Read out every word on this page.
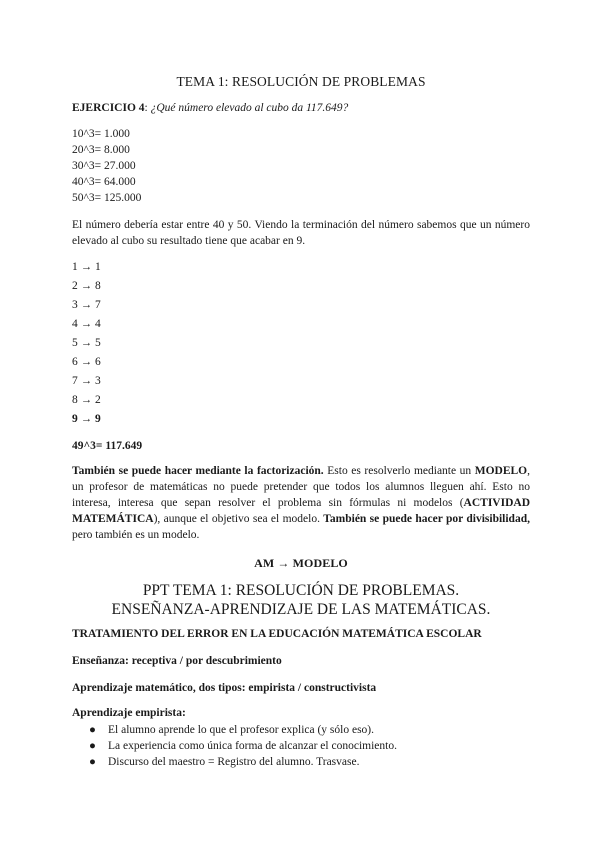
TEMA 1: RESOLUCIÓN DE PROBLEMAS
EJERCICIO 4: ¿Qué número elevado al cubo da 117.649?
10^3= 1.000
20^3= 8.000
30^3= 27.000
40^3= 64.000
50^3= 125.000
El número debería estar entre 40 y 50. Viendo la terminación del número sabemos que un número elevado al cubo su resultado tiene que acabar en 9.
1 → 1
2 → 8
3 → 7
4 → 4
5 → 5
6 → 6
7 → 3
8 → 2
9 → 9
49^3= 117.649
También se puede hacer mediante la factorización. Esto es resolverlo mediante un MODELO, un profesor de matemáticas no puede pretender que todos los alumnos lleguen ahí. Esto no interesa, interesa que sepan resolver el problema sin fórmulas ni modelos (ACTIVIDAD MATEMÁTICA), aunque el objetivo sea el modelo. También se puede hacer por divisibilidad, pero también es un modelo.
AM → MODELO
PPT TEMA 1: RESOLUCIÓN DE PROBLEMAS.
ENSEÑANZA-APRENDIZAJE DE LAS MATEMÁTICAS.
TRATAMIENTO DEL ERROR EN LA EDUCACIÓN MATEMÁTICA ESCOLAR
Enseñanza: receptiva / por descubrimiento
Aprendizaje matemático, dos tipos: empirista / constructivista
Aprendizaje empirista:
● El alumno aprende lo que el profesor explica (y sólo eso).
● La experiencia como única forma de alcanzar el conocimiento.
● Discurso del maestro = Registro del alumno. Trasvase.
